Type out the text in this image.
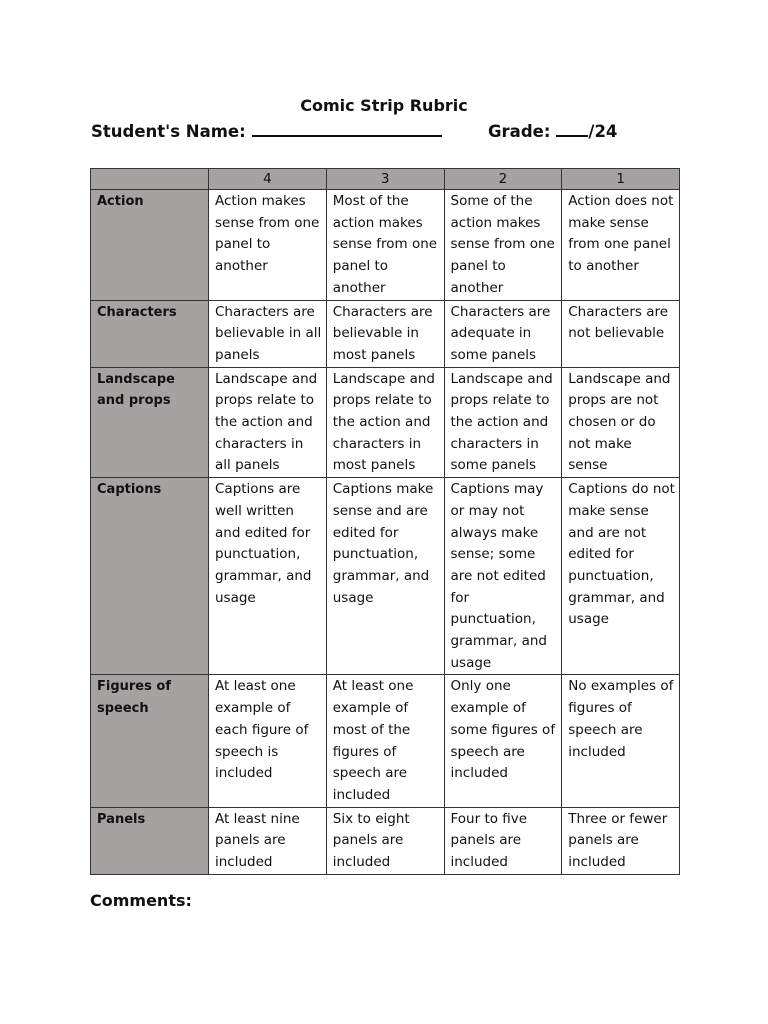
Comic Strip Rubric
Student's Name:	Grade: /24
	4	3	2	1
Action	Action makes sense from one panel to another	Most of the action makes sense from one panel to another	Some of the action makes sense from one panel to another	Action does not make sense from one panel to another
Characters	Characters are believable in all panels	Characters are believable in most panels	Characters are adequate in some panels	Characters are not believable
Landscape and props	Landscape and props relate to the action and characters in all panels	Landscape and props relate to the action and characters in most panels	Landscape and props relate to the action and characters in some panels	Landscape and props are not chosen or do not make sense
Captions	Captions are well written and edited for punctuation, grammar, and usage	Captions make sense and are edited for punctuation, grammar, and usage	Captions may or may not always make sense; some are not edited for punctuation, grammar, and usage	Captions do not make sense and are not edited for punctuation, grammar, and usage
Figures of speech	At least one example of each figure of speech is included	At least one example of most of the figures of speech are included	Only one example of some figures of speech are included	No examples of figures of speech are included
Panels	At least nine panels are included	Six to eight panels are included	Four to five panels are included	Three or fewer panels are included
Comments:
